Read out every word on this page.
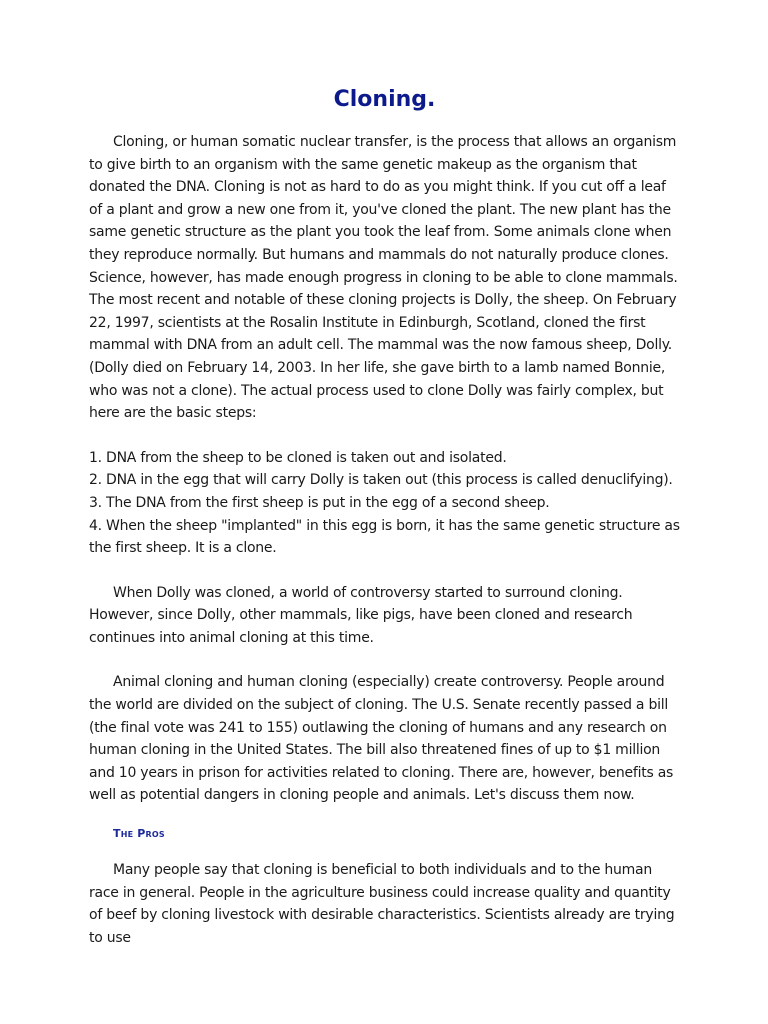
Cloning.

Cloning, or human somatic nuclear transfer, is the process that allows an organism to give birth to an organism with the same genetic makeup as the organism that donated the DNA. Cloning is not as hard to do as you might think. If you cut off a leaf of a plant and grow a new one from it, you've cloned the plant. The new plant has the same genetic structure as the plant you took the leaf from. Some animals clone when they reproduce normally. But humans and mammals do not naturally produce clones. Science, however, has made enough progress in cloning to be able to clone mammals. The most recent and notable of these cloning projects is Dolly, the sheep. On February 22, 1997, scientists at the Rosalin Institute in Edinburgh, Scotland, cloned the first mammal with DNA from an adult cell. The mammal was the now famous sheep, Dolly. (Dolly died on February 14, 2003. In her life, she gave birth to a lamb named Bonnie, who was not a clone). The actual process used to clone Dolly was fairly complex, but here are the basic steps:

1. DNA from the sheep to be cloned is taken out and isolated.
2. DNA in the egg that will carry Dolly is taken out (this process is called denuclifying).
3. The DNA from the first sheep is put in the egg of a second sheep.
4. When the sheep "implanted" in this egg is born, it has the same genetic structure as the first sheep. It is a clone.

When Dolly was cloned, a world of controversy started to surround cloning. However, since Dolly, other mammals, like pigs, have been cloned and research continues into animal cloning at this time.

Animal cloning and human cloning (especially) create controversy. People around the world are divided on the subject of cloning. The U.S. Senate recently passed a bill (the final vote was 241 to 155) outlawing the cloning of humans and any research on human cloning in the United States. The bill also threatened fines of up to $1 million and 10 years in prison for activities related to cloning. There are, however, benefits as well as potential dangers in cloning people and animals. Let's discuss them now.

The Pros

Many people say that cloning is beneficial to both individuals and to the human race in general. People in the agriculture business could increase quality and quantity of beef by cloning livestock with desirable characteristics. Scientists already are trying to use
